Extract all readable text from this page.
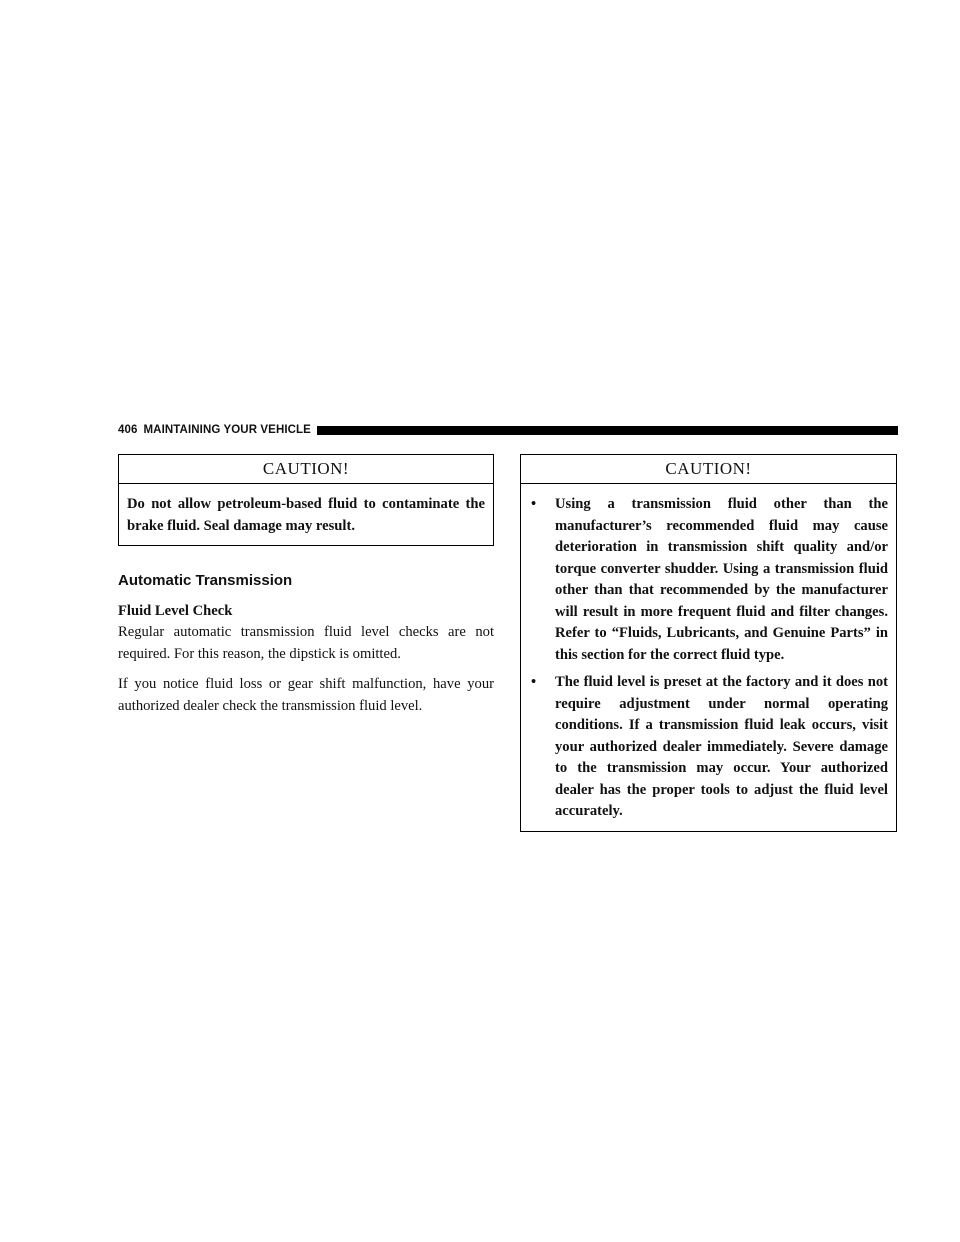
406 MAINTAINING YOUR VEHICLE
CAUTION!

Do not allow petroleum-based fluid to contaminate the brake fluid. Seal damage may result.

Automatic Transmission
Fluid Level Check

Regular automatic transmission fluid level checks are not required. For this reason, the dipstick is omitted.

If you notice fluid loss or gear shift malfunction, have your authorized dealer check the transmission fluid level.

CAUTION!
• Using a transmission fluid other than the manufacturer’s recommended fluid may cause deterioration in transmission shift quality and/or torque converter shudder. Using a transmission fluid other than that recommended by the manufacturer will result in more frequent fluid and filter changes. Refer to “Fluids, Lubricants, and Genuine Parts” in this section for the correct fluid type.
• The fluid level is preset at the factory and it does not require adjustment under normal operating conditions. If a transmission fluid leak occurs, visit your authorized dealer immediately. Severe damage to the transmission may occur. Your authorized dealer has the proper tools to adjust the fluid level accurately.
